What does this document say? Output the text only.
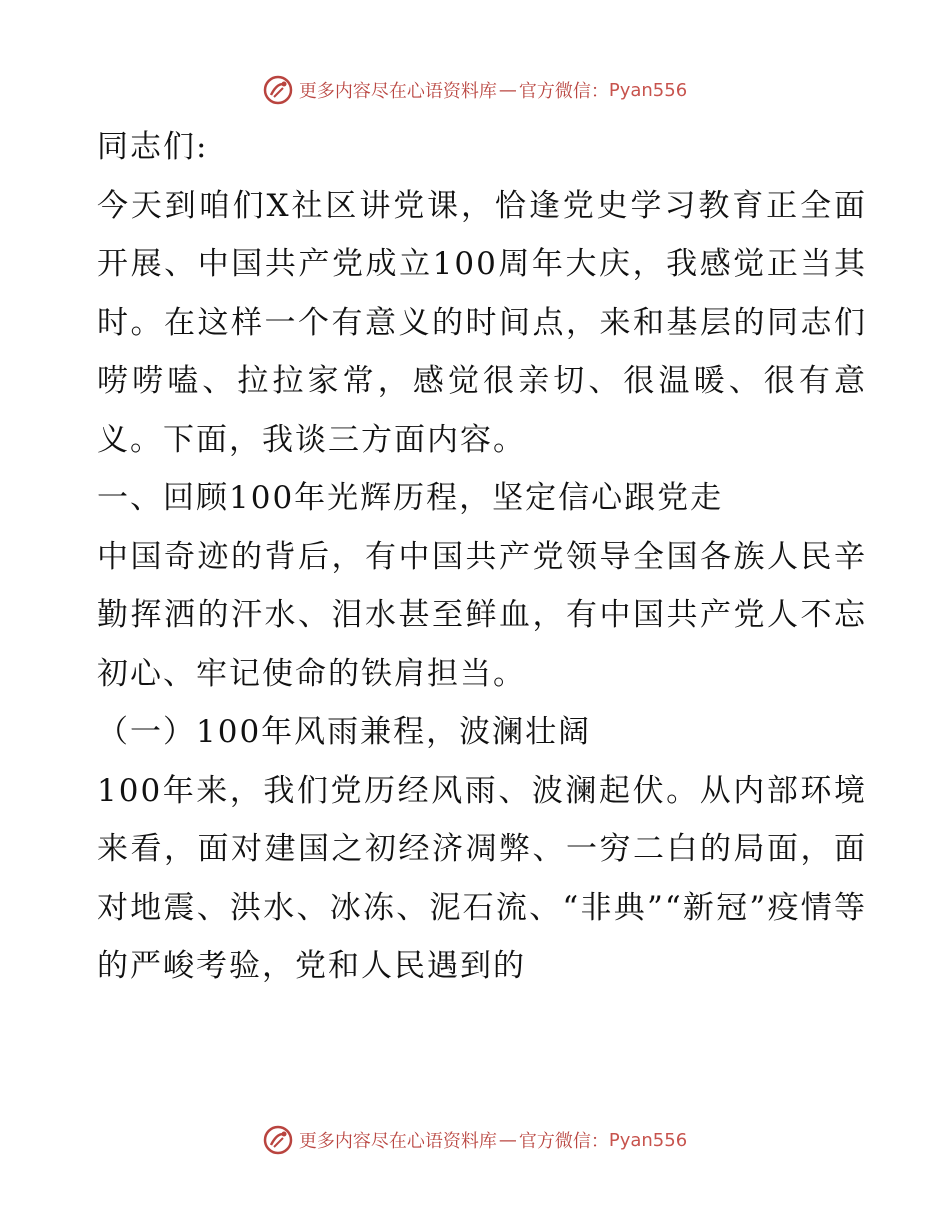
更多内容尽在心语资料库 — 官方微信： Pyan556

同志们:

今天到咱们X社区讲党课，恰逢党史学习教育正全面开展、中国共产党成立100周年大庆，我感觉正当其时。在这样一个有意义的时间点，来和基层的同志们唠唠嗑、拉拉家常，感觉很亲切、很温暖、很有意义。下面，我谈三方面内容。

一、回顾100年光辉历程，坚定信心跟党走

中国奇迹的背后，有中国共产党领导全国各族人民辛勤挥洒的汗水、泪水甚至鲜血，有中国共产党人不忘初心、牢记使命的铁肩担当。

（一）100年风雨兼程，波澜壮阔

100年来，我们党历经风雨、波澜起伏。从内部环境来看，面对建国之初经济凋弊、一穷二白的局面，面对地震、洪水、冰冻、泥石流、“非典”“新冠”疫情等的严峻考验，党和人民遇到的

更多内容尽在心语资料库 — 官方微信： Pyan556
